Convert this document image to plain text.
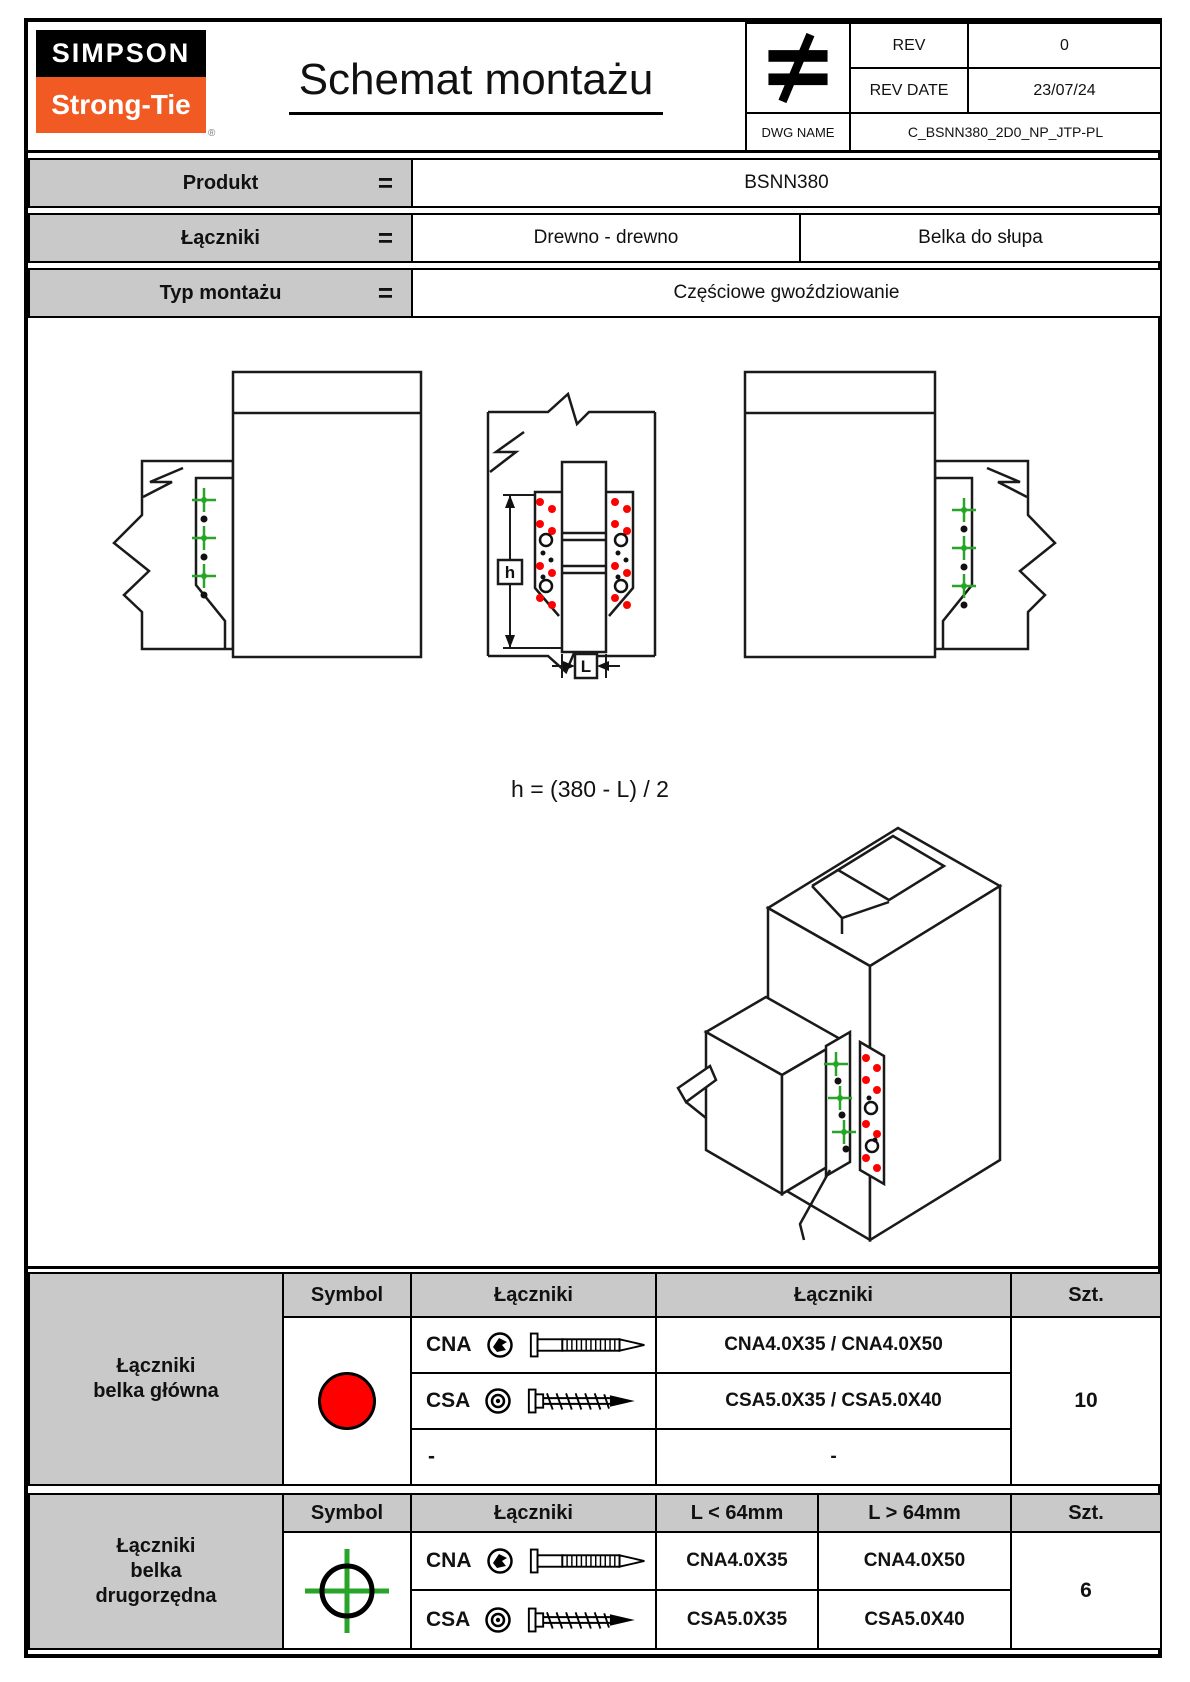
SIMPSON
Strong-Tie
®
Schemat montażu
REV	0
REV DATE	23/07/24
DWG NAME	C_BSNN380_2D0_NP_JTP-PL
Produkt	=	BSNN380
Łączniki	=	Drewno - drewno	Belka do słupa
Typ montażu	=	Częściowe gwoździowanie
h
L
h = (380 - L) / 2
Łączniki
belka główna
Symbol	Łączniki	Łączniki	Szt.
CNA	CNA4.0X35 / CNA4.0X50
CSA	CSA5.0X35 / CSA5.0X40
-	-
10
Łączniki
belka
drugorzędna
Symbol	Łączniki	L < 64mm	L > 64mm	Szt.
CNA	CNA4.0X35	CNA4.0X50
CSA	CSA5.0X35	CSA5.0X40
6
